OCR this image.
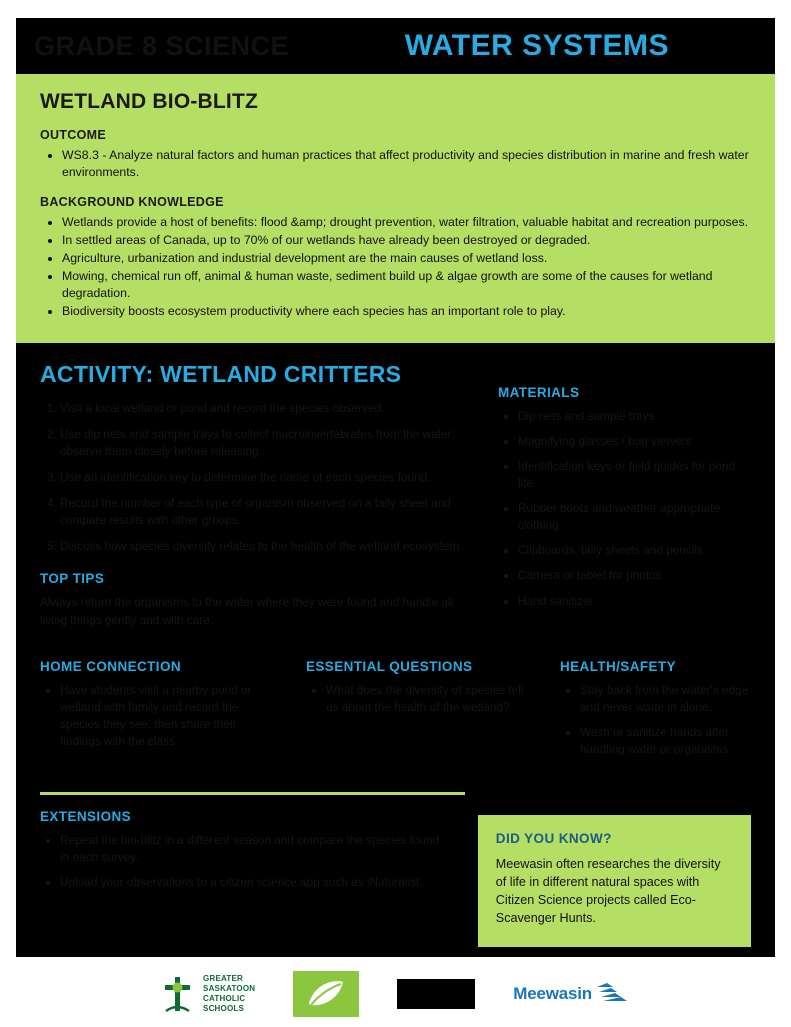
GRADE 8 SCIENCE	WATER SYSTEMS
WETLAND BIO-BLITZ
OUTCOME
• WS8.3 - Analyze natural factors and human practices that affect productivity and species distribution in marine and fresh water environments.
BACKGROUND KNOWLEDGE
• Wetlands provide a host of benefits: flood &amp; drought prevention, water filtration, valuable habitat and recreation purposes.
• In settled areas of Canada, up to 70% of our wetlands have already been destroyed or degraded.
• Agriculture, urbanization and industrial development are the main causes of wetland loss.
• Mowing, chemical run off, animal & human waste, sediment build up & algae growth are some of the causes for wetland degradation.
• Biodiversity boosts ecosystem productivity where each species has an important role to play.
ACTIVITY: WETLAND CRITTERS
1. Visit a local wetland or pond and record the species observed.
2. Use dip nets and sample trays to collect macroinvertebrates from the water; observe them closely before releasing.
3. Use an identification key to determine the name of each species found.
4. Record the number of each type of organism observed on a tally sheet and compare results with other groups.
5. Discuss how species diversity relates to the health of the wetland ecosystem.
TOP TIPS

Always return the organisms to the water where they were found and handle all living things gently and with care.

MATERIALS
• Dip nets and sample trays
• Magnifying glasses / bug viewers
• Identification keys or field guides for pond life
• Rubber boots and weather appropriate clothing
• Clipboards, tally sheets and pencils
• Camera or tablet for photos
• Hand sanitizer
HOME CONNECTION
• Have students visit a nearby pond or wetland with family and record the species they see, then share their findings with the class.
ESSENTIAL QUESTIONS
• What does the diversity of species tell us about the health of the wetland?
HEALTH/SAFETY
• Stay back from the water's edge and never wade in alone.
• Wash or sanitize hands after handling water or organisms.
EXTENSIONS
• Repeat the bio-blitz in a different season and compare the species found in each survey.
• Upload your observations to a citizen science app such as iNaturalist.
DID YOU KNOW?

Meewasin often researches the diversity of life in different natural spaces with Citizen Science projects called Eco-Scavenger Hunts.

GREATER
SASKATOON
CATHOLIC
SCHOOLS
Meewasin
